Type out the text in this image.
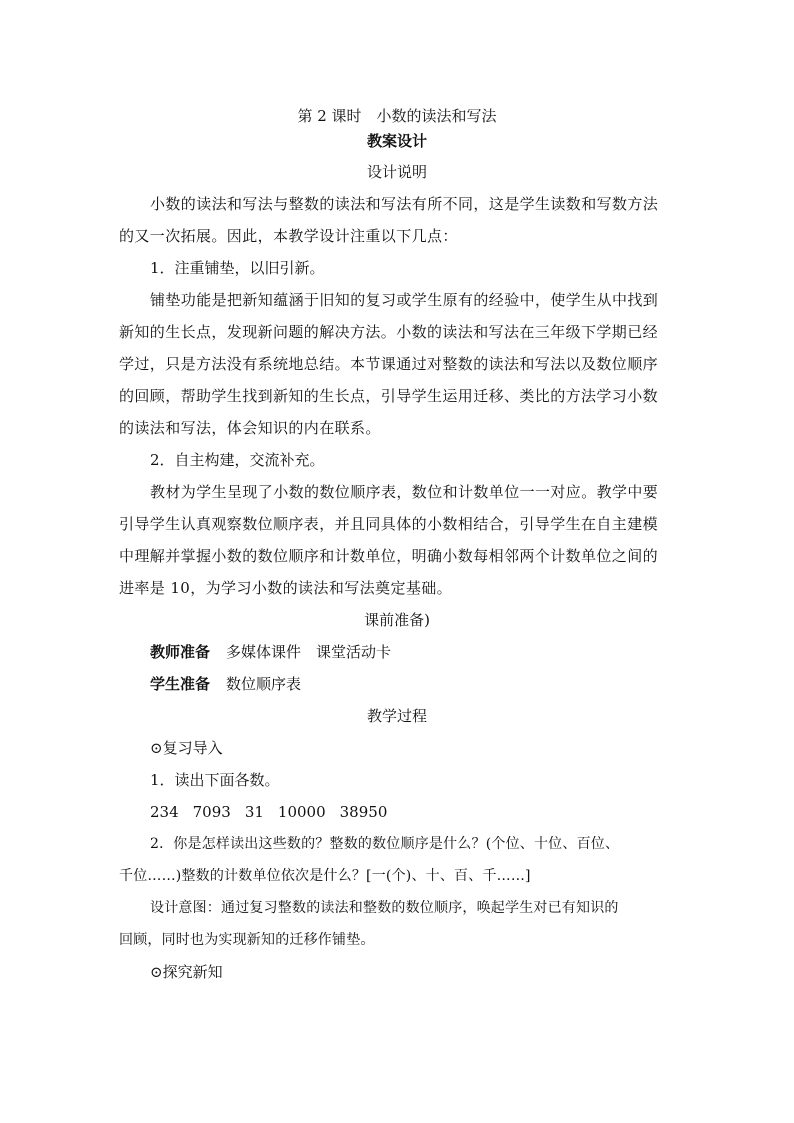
第 2 课时　小数的读法和写法
教案设计
设计说明
小数的读法和写法与整数的读法和写法有所不同，这是学生读数和写数方法
的又一次拓展。因此，本教学设计注重以下几点：
1．注重铺垫，以旧引新。
铺垫功能是把新知蕴涵于旧知的复习或学生原有的经验中，使学生从中找到
新知的生长点，发现新问题的解决方法。小数的读法和写法在三年级下学期已经
学过，只是方法没有系统地总结。本节课通过对整数的读法和写法以及数位顺序
的回顾，帮助学生找到新知的生长点，引导学生运用迁移、类比的方法学习小数
的读法和写法，体会知识的内在联系。
2．自主构建，交流补充。
教材为学生呈现了小数的数位顺序表，数位和计数单位一一对应。教学中要
引导学生认真观察数位顺序表，并且同具体的小数相结合，引导学生在自主建模
中理解并掌握小数的数位顺序和计数单位，明确小数每相邻两个计数单位之间的
进率是 10，为学习小数的读法和写法奠定基础。
课前准备)
教师准备 多媒体课件　课堂活动卡
学生准备 数位顺序表
教学过程
⊙复习导入
1．读出下面各数。
234 7093 31 10000 38950
2．你是怎样读出这些数的？整数的数位顺序是什么？(个位、十位、百位、
千位……)整数的计数单位依次是什么？[一(个)、十、百、千……]
设计意图：通过复习整数的读法和整数的数位顺序，唤起学生对已有知识的
回顾，同时也为实现新知的迁移作铺垫。
⊙探究新知
